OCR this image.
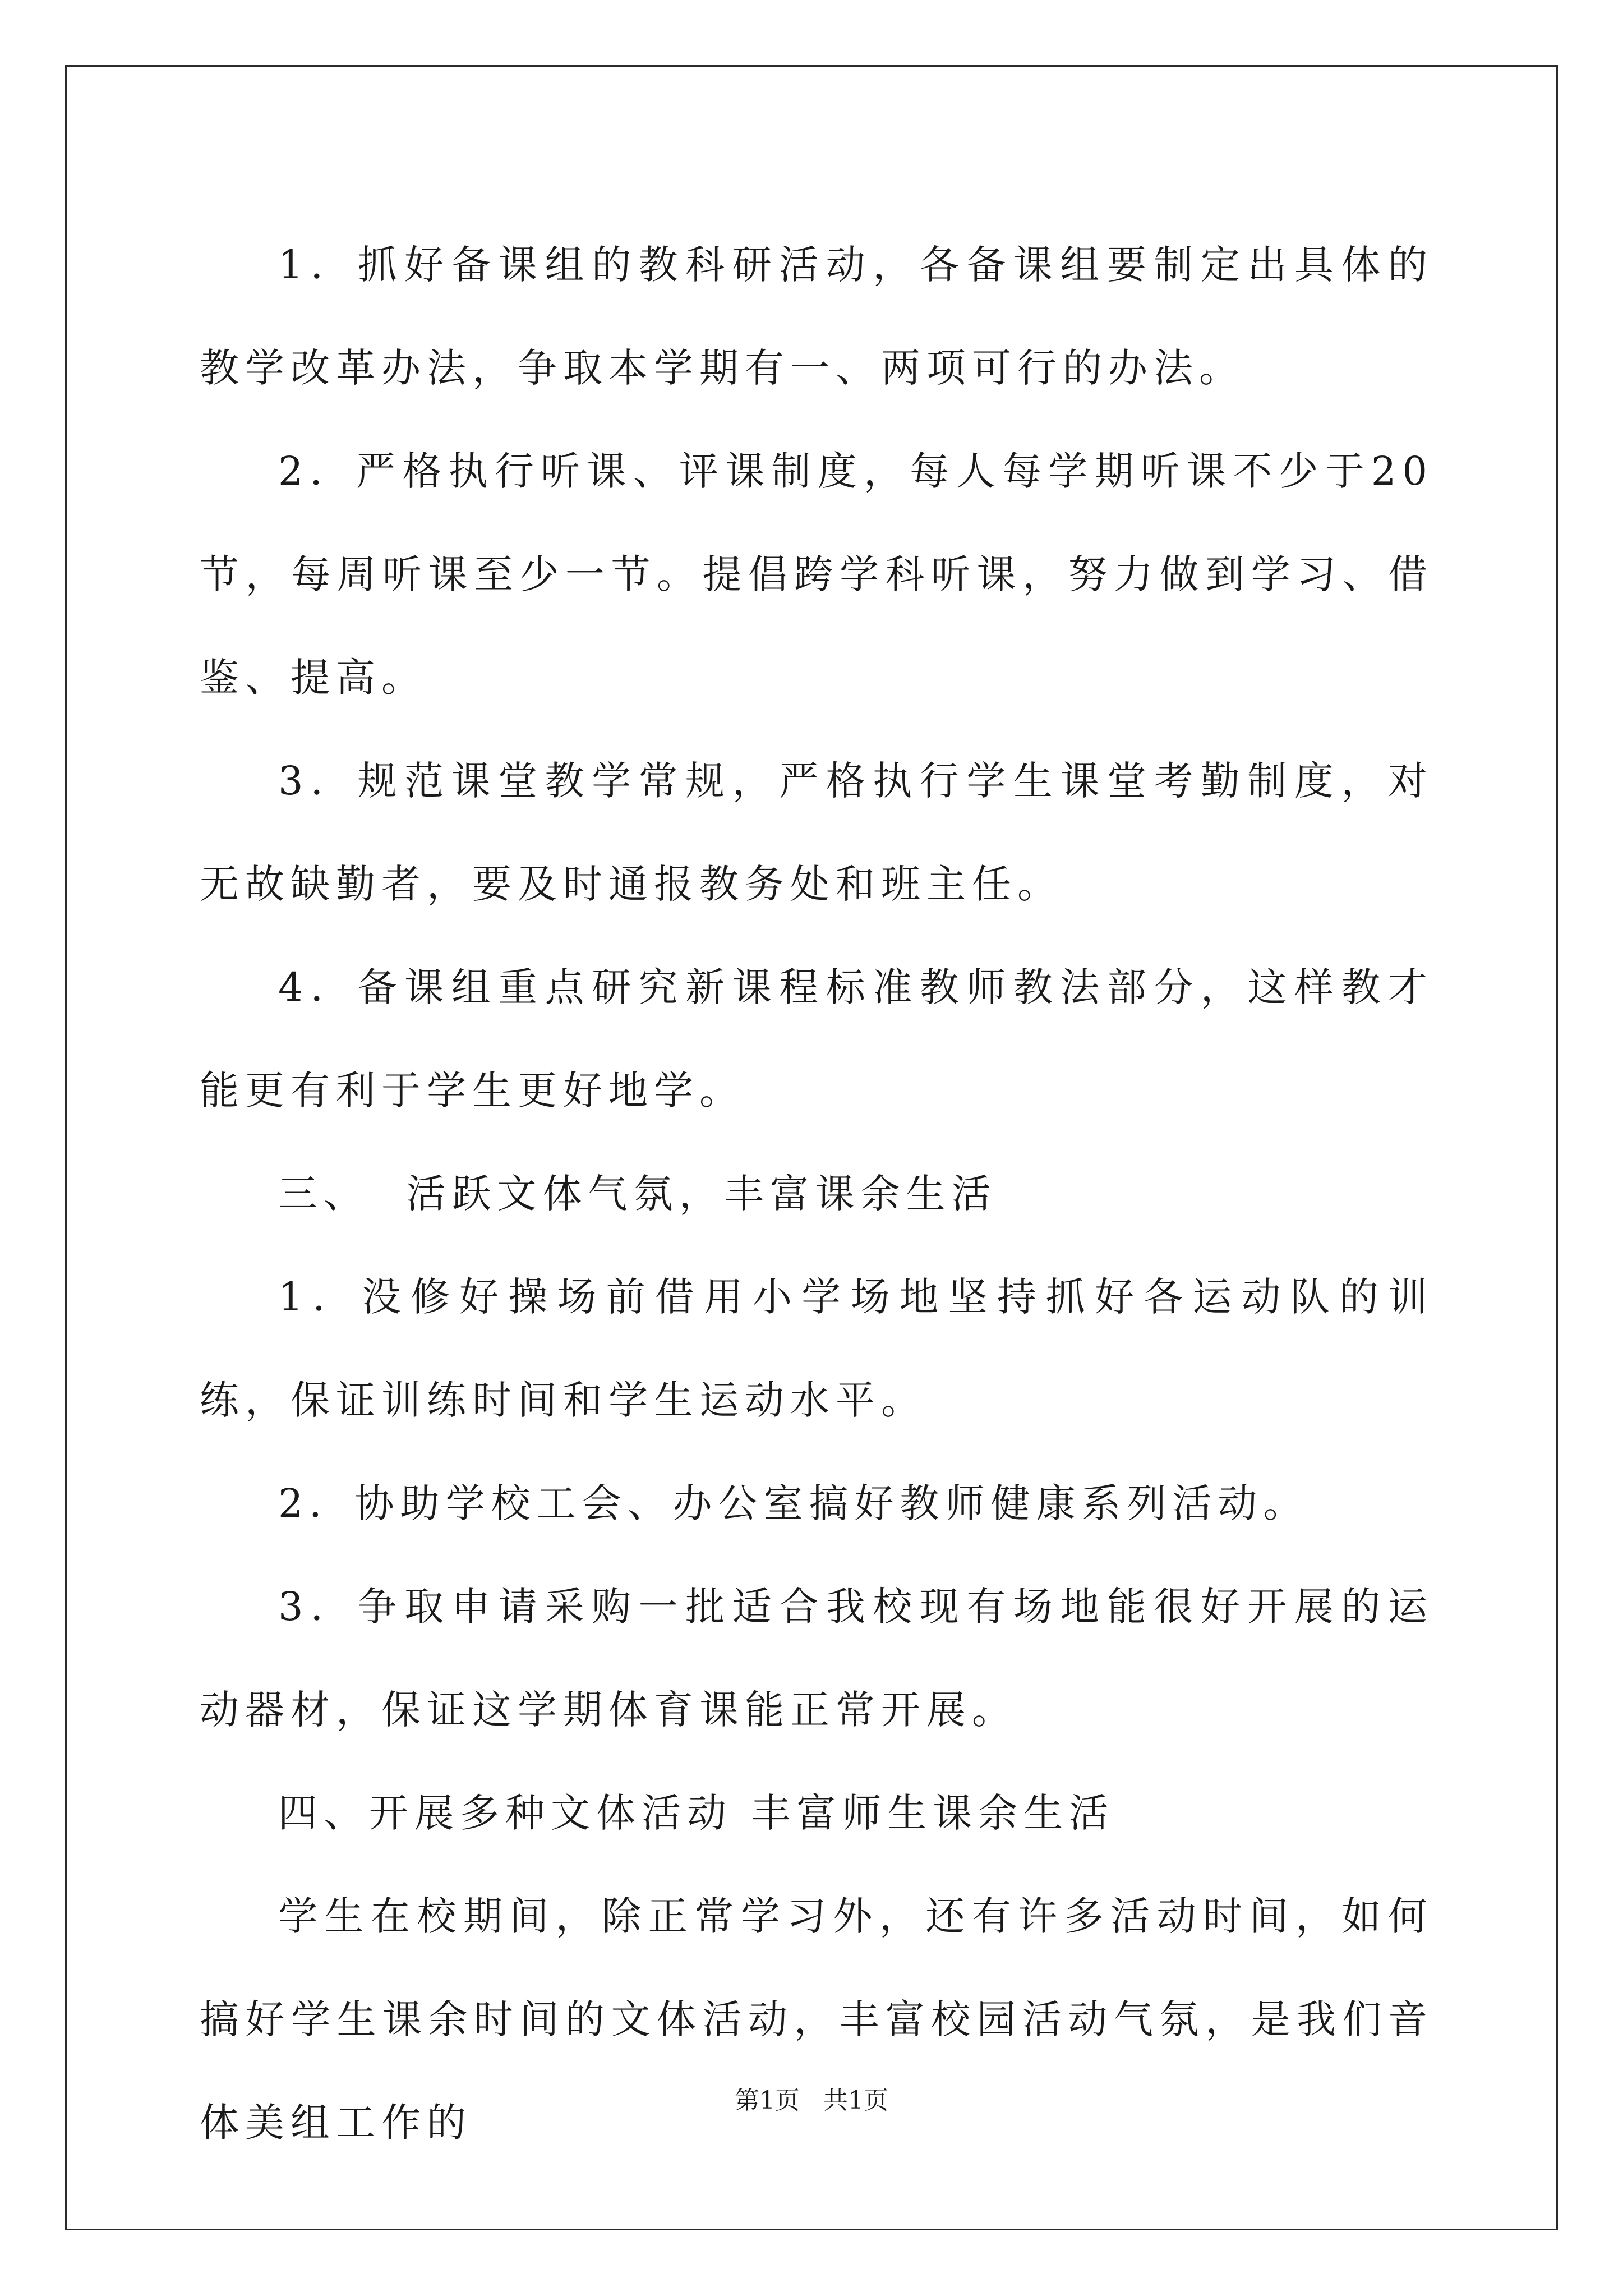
1．抓好备课组的教科研活动，各备课组要制定出具体的教学改革办法，争取本学期有一、两项可行的办法。

2．严格执行听课、评课制度，每人每学期听课不少于20节，每周听课至少一节。提倡跨学科听课，努力做到学习、借鉴、提高。

3．规范课堂教学常规，严格执行学生课堂考勤制度，对无故缺勤者，要及时通报教务处和班主任。

4．备课组重点研究新课程标准教师教法部分，这样教才能更有利于学生更好地学。

三、  活跃文体气氛，丰富课余生活

1．没修好操场前借用小学场地坚持抓好各运动队的训练，保证训练时间和学生运动水平。

2．协助学校工会、办公室搞好教师健康系列活动。

3．争取申请采购一批适合我校现有场地能很好开展的运动器材，保证这学期体育课能正常开展。

四、开展多种文体活动 丰富师生课余生活

学生在校期间，除正常学习外，还有许多活动时间，如何搞好学生课余时间的文体活动，丰富校园活动气氛，是我们音体美组工作的	第1页   共1页
